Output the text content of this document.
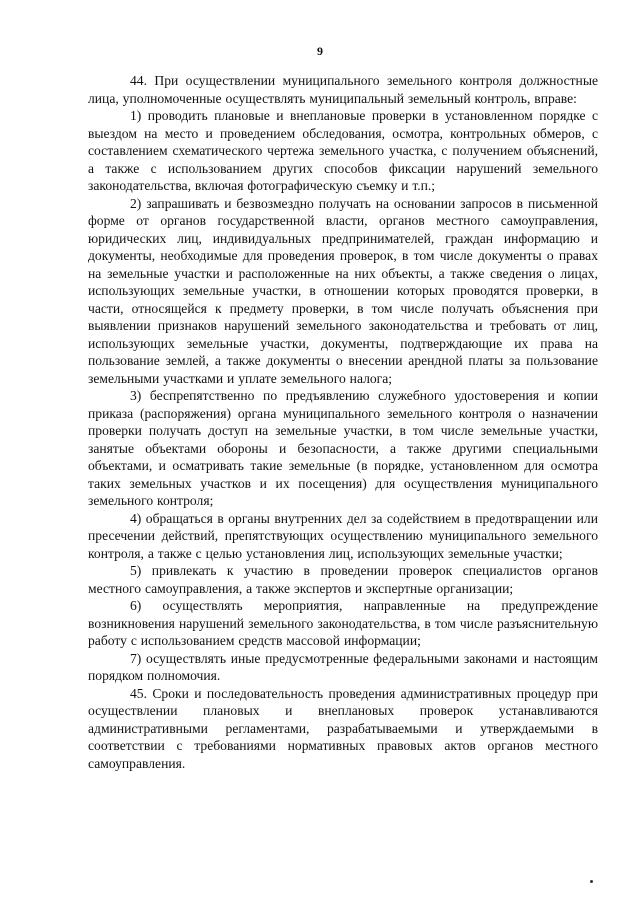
9

44. При осуществлении муниципального земельного контроля должностные лица, уполномоченные осуществлять муниципальный земельный контроль, вправе:

1) проводить плановые и внеплановые проверки в установленном порядке с выездом на место и проведением обследования, осмотра, контрольных обмеров, с составлением схематического чертежа земельного участка, с получением объяснений, а также с использованием других способов фиксации нарушений земельного законодательства, включая фотографическую съемку и т.п.;

2) запрашивать и безвозмездно получать на основании запросов в письменной форме от органов государственной власти, органов местного самоуправления, юридических лиц, индивидуальных предпринимателей, граждан информацию и документы, необходимые для проведения проверок, в том числе документы о правах на земельные участки и расположенные на них объекты, а также сведения о лицах, использующих земельные участки, в отношении которых проводятся проверки, в части, относящейся к предмету проверки, в том числе получать объяснения при выявлении признаков нарушений земельного законодательства и требовать от лиц, использующих земельные участки, документы, подтверждающие их права на пользование землей, а также документы о внесении арендной платы за пользование земельными участками и уплате земельного налога;

3) беспрепятственно по предъявлению служебного удостоверения и копии приказа (распоряжения) органа муниципального земельного контроля о назначении проверки получать доступ на земельные участки, в том числе земельные участки, занятые объектами обороны и безопасности, а также другими специальными объектами, и осматривать такие земельные (в порядке, установленном для осмотра таких земельных участков и их посещения) для осуществления муниципального земельного контроля;

4) обращаться в органы внутренних дел за содействием в предотвращении или пресечении действий, препятствующих осуществлению муниципального земельного контроля, а также с целью установления лиц, использующих земельные участки;

5) привлекать к участию в проведении проверок специалистов органов местного самоуправления, а также экспертов и экспертные организации;

6) осуществлять мероприятия, направленные на предупреждение возникновения нарушений земельного законодательства, в том числе разъяснительную работу с использованием средств массовой информации;

7) осуществлять иные предусмотренные федеральными законами и настоящим порядком полномочия.

45. Сроки и последовательность проведения административных процедур при осуществлении плановых и внеплановых проверок устанавливаются административными регламентами, разрабатываемыми и утверждаемыми в соответствии с требованиями нормативных правовых актов органов местного самоуправления.
